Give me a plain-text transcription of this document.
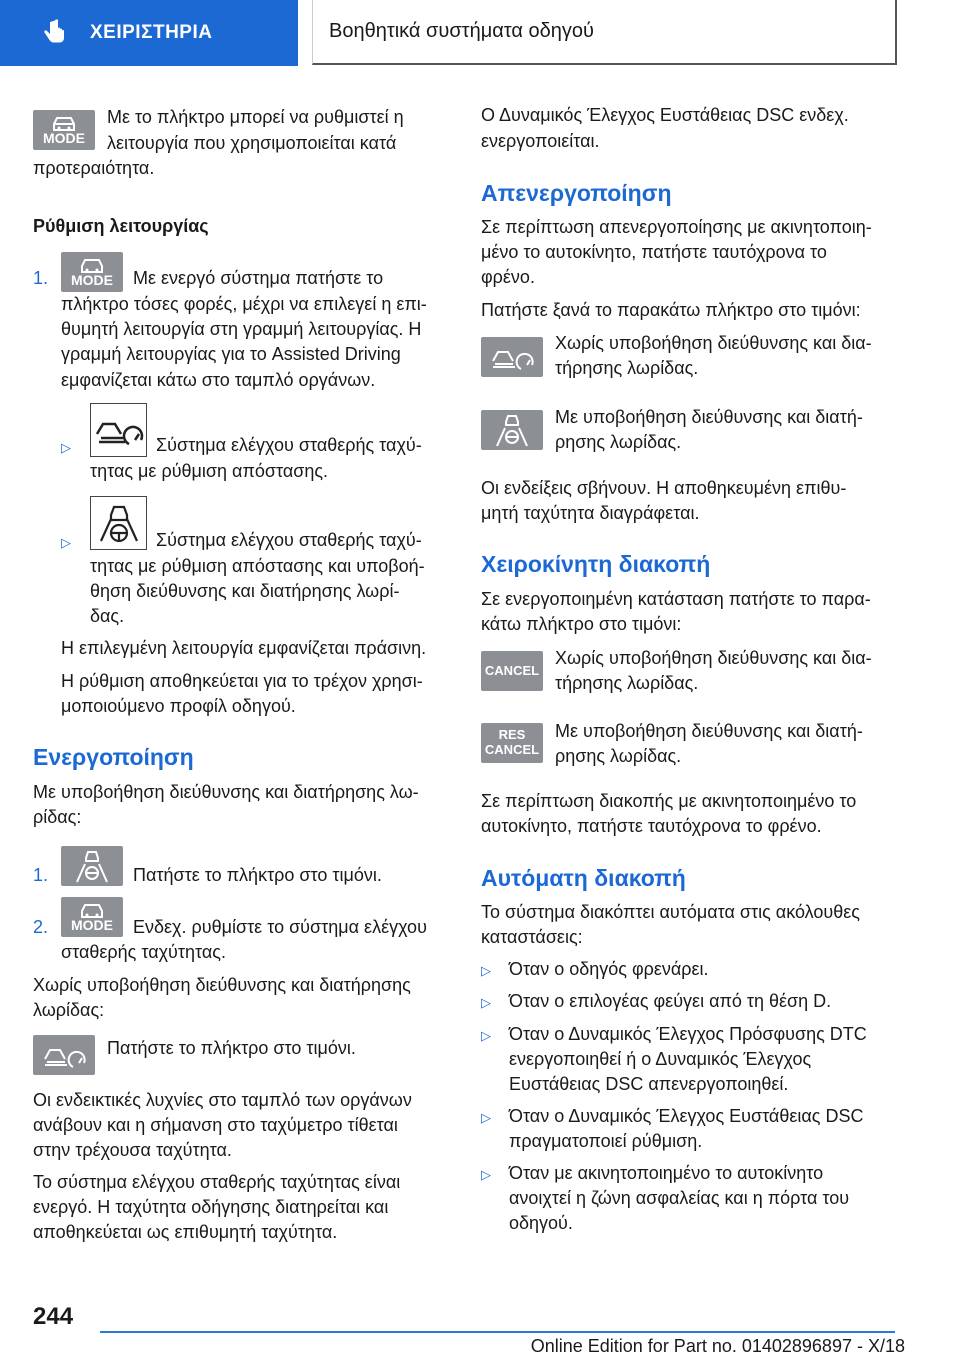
ΧΕΙΡΙΣΤΗΡΙΑ	Βοηθητικά συστήματα οδηγού
MODE

Με το πλήκτρο μπορεί να ρυθμιστεί η

λειτουργία που χρησιμοποιείται κατά

προτεραιότητα.

Ρύθμιση λειτουργίας

1.	MODE	Με ενεργό σύστημα πατήστε το

πλήκτρο τόσες φορές, μέχρι να επιλεγεί η επι-

θυμητή λειτουργία στη γραμμή λειτουργίας. Η

γραμμή λειτουργίας για το Assisted Driving

εμφανίζεται κάτω στο ταμπλό οργάνων.

▷	Σύστημα ελέγχου σταθερής ταχύ-

τητας με ρύθμιση απόστασης.

▷	Σύστημα ελέγχου σταθερής ταχύ-

τητας με ρύθμιση απόστασης και υποβοή-

θηση διεύθυνσης και διατήρησης λωρί-

δας.

Η επιλεγμένη λειτουργία εμφανίζεται πράσινη.

Η ρύθμιση αποθηκεύεται για το τρέχον χρησι-

μοποιούμενο προφίλ οδηγού.

Ενεργοποίηση

Με υποβοήθηση διεύθυνσης και διατήρησης λω-

ρίδας:

1.	Πατήστε το πλήκτρο στο τιμόνι.

2.	MODE	Ενδεχ. ρυθμίστε το σύστημα ελέγχου

σταθερής ταχύτητας.

Χωρίς υποβοήθηση διεύθυνσης και διατήρησης

λωρίδας:

Πατήστε το πλήκτρο στο τιμόνι.

Οι ενδεικτικές λυχνίες στο ταμπλό των οργάνων

ανάβουν και η σήμανση στο ταχύμετρο τίθεται

στην τρέχουσα ταχύτητα.

Το σύστημα ελέγχου σταθερής ταχύτητας είναι

ενεργό. Η ταχύτητα οδήγησης διατηρείται και

αποθηκεύεται ως επιθυμητή ταχύτητα.

Ο Δυναμικός Έλεγχος Ευστάθειας DSC ενδεχ.

ενεργοποιείται.

Απενεργοποίηση

Σε περίπτωση απενεργοποίησης με ακινητοποιη-

μένο το αυτοκίνητο, πατήστε ταυτόχρονα το

φρένο.

Πατήστε ξανά το παρακάτω πλήκτρο στο τιμόνι:

Χωρίς υποβοήθηση διεύθυνσης και δια-

τήρησης λωρίδας.

Με υποβοήθηση διεύθυνσης και διατή-

ρησης λωρίδας.

Οι ενδείξεις σβήνουν. Η αποθηκευμένη επιθυ-

μητή ταχύτητα διαγράφεται.

Χειροκίνητη διακοπή

Σε ενεργοποιημένη κατάσταση πατήστε το παρα-

κάτω πλήκτρο στο τιμόνι:

CANCEL

Χωρίς υποβοήθηση διεύθυνσης και δια-

τήρησης λωρίδας.

RES
CANCEL

Με υποβοήθηση διεύθυνσης και διατή-

ρησης λωρίδας.

Σε περίπτωση διακοπής με ακινητοποιημένο το

αυτοκίνητο, πατήστε ταυτόχρονα το φρένο.

Αυτόματη διακοπή

Το σύστημα διακόπτει αυτόματα στις ακόλουθες

καταστάσεις:

▷ Όταν ο οδηγός φρενάρει.

▷ Όταν ο επιλογέας φεύγει από τη θέση D.

▷ Όταν ο Δυναμικός Έλεγχος Πρόσφυσης DTC

ενεργοποιηθεί ή ο Δυναμικός Έλεγχος

Ευστάθειας DSC απενεργοποιηθεί.

▷ Όταν ο Δυναμικός Έλεγχος Ευστάθειας DSC

πραγματοποιεί ρύθμιση.

▷ Όταν με ακινητοποιημένο το αυτοκίνητο

ανοιχτεί η ζώνη ασφαλείας και η πόρτα του

οδηγού.

244
Online Edition for Part no. 01402896897 - X/18
